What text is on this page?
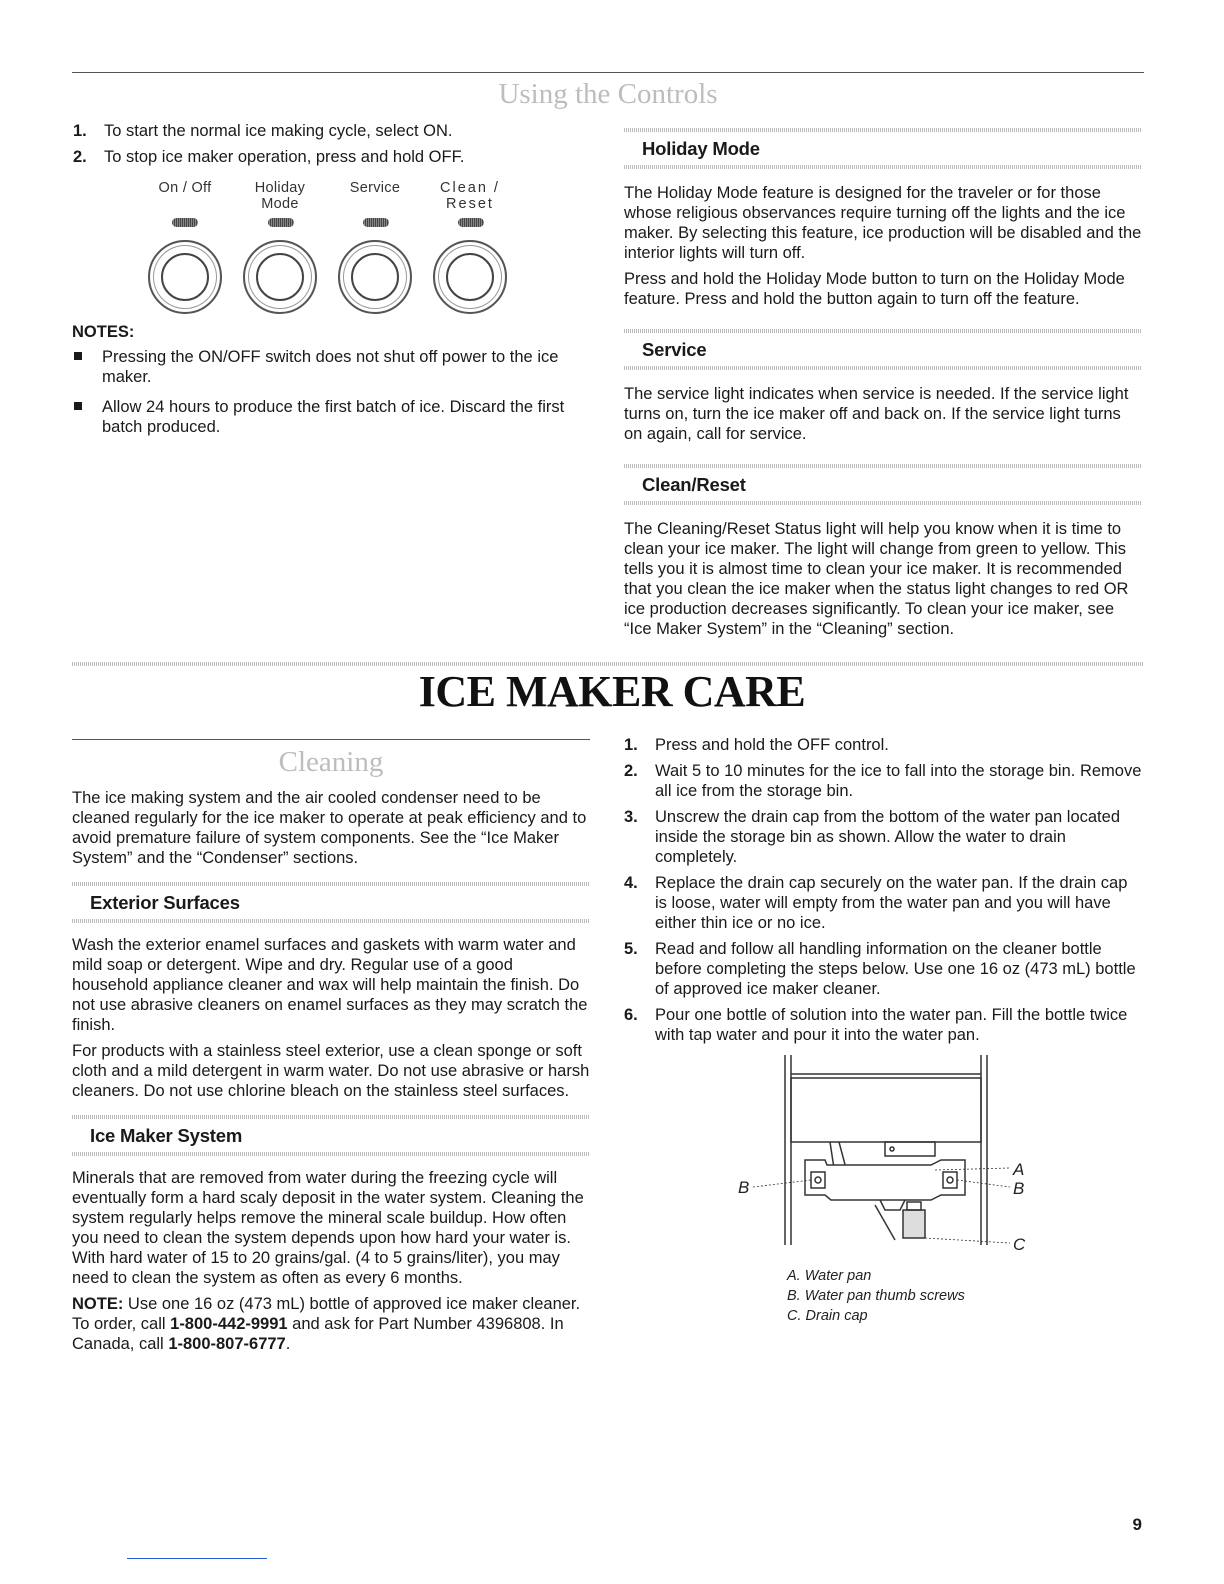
Using the Controls
1. To start the normal ice making cycle, select ON.
2. To stop ice maker operation, press and hold OFF.
On / Off	Holiday
Mode
Service	Clean /
Reset
NOTES:
Pressing the ON/OFF switch does not shut off power to the ice maker.
Allow 24 hours to produce the first batch of ice. Discard the first batch produced.
Holiday Mode

The Holiday Mode feature is designed for the traveler or for those whose religious observances require turning off the lights and the ice maker. By selecting this feature, ice production will be disabled and the interior lights will turn off.

Press and hold the Holiday Mode button to turn on the Holiday Mode feature. Press and hold the button again to turn off the feature.

Service

The service light indicates when service is needed. If the service light turns on, turn the ice maker off and back on. If the service light turns on again, call for service.

Clean/Reset

The Cleaning/Reset Status light will help you know when it is time to clean your ice maker. The light will change from green to yellow. This tells you it is almost time to clean your ice maker. It is recommended that you clean the ice maker when the status light changes to red OR ice production decreases significantly. To clean your ice maker, see “Ice Maker System” in the “Cleaning” section.

ICE MAKER CARE
Cleaning

The ice making system and the air cooled condenser need to be cleaned regularly for the ice maker to operate at peak efficiency and to avoid premature failure of system components. See the “Ice Maker System” and the “Condenser” sections.

Exterior Surfaces

Wash the exterior enamel surfaces and gaskets with warm water and mild soap or detergent. Wipe and dry. Regular use of a good household appliance cleaner and wax will help maintain the finish. Do not use abrasive cleaners on enamel surfaces as they may scratch the finish.

For products with a stainless steel exterior, use a clean sponge or soft cloth and a mild detergent in warm water. Do not use abrasive or harsh cleaners. Do not use chlorine bleach on the stainless steel surfaces.

Ice Maker System

Minerals that are removed from water during the freezing cycle will eventually form a hard scaly deposit in the water system. Cleaning the system regularly helps remove the mineral scale buildup. How often you need to clean the system depends upon how hard your water is. With hard water of 15 to 20 grains/gal. (4 to 5 grains/liter), you may need to clean the system as often as every 6 months.

NOTE: Use one 16 oz (473 mL) bottle of approved ice maker cleaner. To order, call 1-800-442-9991 and ask for Part Number 4396808. In Canada, call 1-800-807-6777.

1. Press and hold the OFF control.
2. Wait 5 to 10 minutes for the ice to fall into the storage bin. Remove all ice from the storage bin.
3. Unscrew the drain cap from the bottom of the water pan located inside the storage bin as shown. Allow the water to drain completely.
4. Replace the drain cap securely on the water pan. If the drain cap is loose, water will empty from the water pan and you will have either thin ice or no ice.
5. Read and follow all handling information on the cleaner bottle before completing the steps below. Use one 16 oz (473 mL) bottle of approved ice maker cleaner.
6. Pour one bottle of solution into the water pan. Fill the bottle twice with tap water and pour it into the water pan.
A
B	B
C
A. Water pan
B. Water pan thumb screws
C. Drain cap
9
